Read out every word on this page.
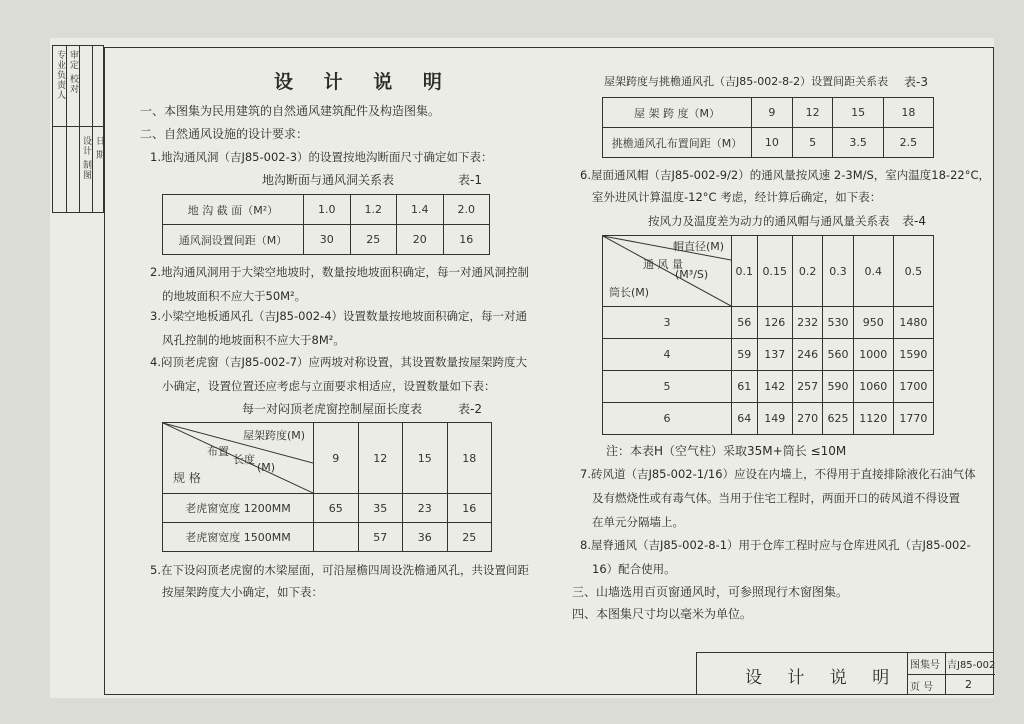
专业负责人 审定 校对
设计 制图 日 期
设 计 说 明
一、本图集为民用建筑的自然通风建筑配件及构造图集。
二、自然通风设施的设计要求：
1.地沟通风洞（吉J85-002-3）的设置按地沟断面尺寸确定如下表：
地沟断面与通风洞关系表	表-1
地 沟 截 面（M²）	1.0	1.2	1.4	2.0
通风洞设置间距（M）	30	25	20	16
2.地沟通风洞用于大梁空地坡时，数量按地坡面积确定，每一对通风洞控制
的地坡面积不应大于50M²。
3.小梁空地板通风孔（吉J85-002-4）设置数量按地坡面积确定，每一对通
风孔控制的地坡面积不应大于8M²。
4.闷顶老虎窗（吉J85-002-7）应两坡对称设置，其设置数量按屋架跨度大
小确定，设置位置还应考虑与立面要求相适应，设置数量如下表：
每一对闷顶老虎窗控制屋面长度表	表-2
屋架跨度(M)
布置
长度
(M)
规 格	9	12	15	18
老虎窗宽度 1200MM	65	35	23	16
老虎窗宽度 1500MM		57	36	25
5.在下设闷顶老虎窗的木梁屋面，可沿屋檐四周设洗檐通风孔，共设置间距
按屋架跨度大小确定，如下表：
屋架跨度与挑檐通风孔（吉J85-002-8-2）设置间距关系表 表-3
屋 架 跨 度（M）	9	12	15	18
挑檐通风孔布置间距（M）	10	5	3.5	2.5
6.屋面通风帽（吉J85-002-9/2）的通风量按风速 2-3M/S，室内温度18-22°C，
室外进风计算温度-12°C 考虑，经计算后确定，如下表：
按风力及温度差为动力的通风帽与通风量关系表 表-4
帽直径(M)
通 风 量
(M³/S)
筒长(M)	0.1	0.15	0.2	0.3	0.4	0.5
3	56	126	232	530	950	1480
4	59	137	246	560	1000	1590
5	61	142	257	590	1060	1700
6	64	149	270	625	1120	1770
注：本表H（空气柱）采取35M+筒长 ≤10M
7.砖风道（吉J85-002-1/16）应设在内墙上，不得用于直接排除液化石油气体
及有燃烧性或有毒气体。当用于住宅工程时，两面开口的砖风道不得设置
在单元分隔墙上。
8.屋脊通风（吉J85-002-8-1）用于仓库工程时应与仓库进风孔（吉J85-002-
16）配合使用。
三、山墙选用百页窗通风时，可参照现行木窗图集。
四、本图集尺寸均以毫米为单位。
设 计 说 明
图集号 吉J85-002
页 号	2
